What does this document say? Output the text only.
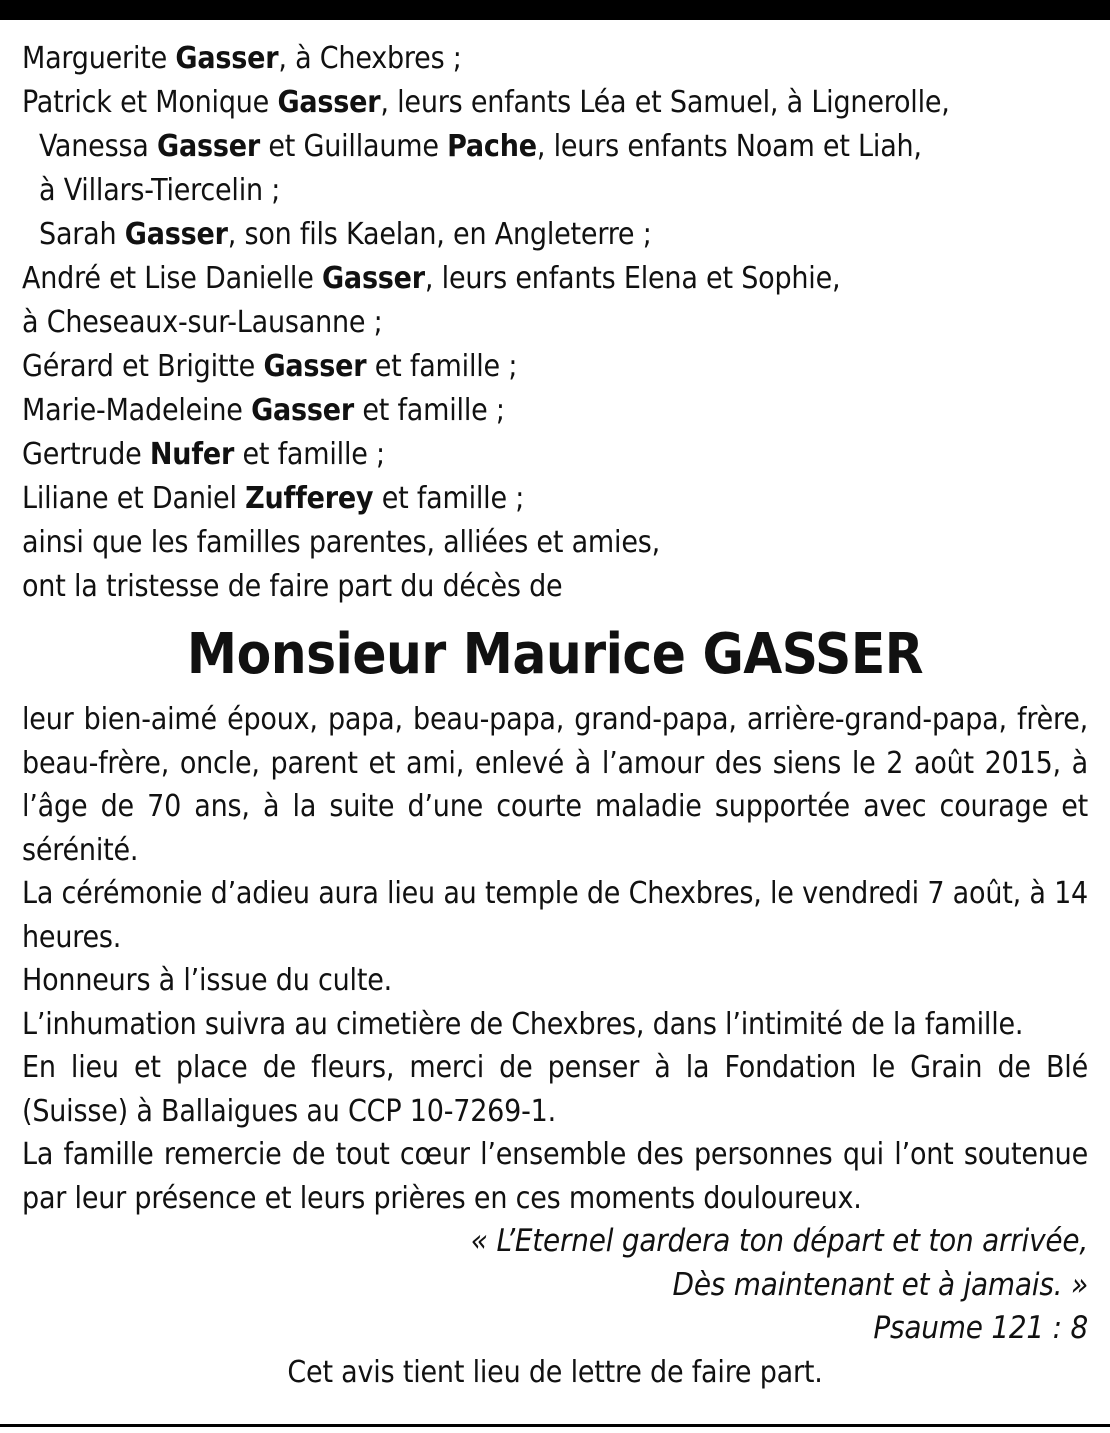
Marguerite Gasser, à Chexbres ;
Patrick et Monique Gasser, leurs enfants Léa et Samuel, à Lignerolle,
Vanessa Gasser et Guillaume Pache, leurs enfants Noam et Liah,
à Villars-Tiercelin ;
Sarah Gasser, son fils Kaelan, en Angleterre ;
André et Lise Danielle Gasser, leurs enfants Elena et Sophie,
à Cheseaux-sur-Lausanne ;
Gérard et Brigitte Gasser et famille ;
Marie-Madeleine Gasser et famille ;
Gertrude Nufer et famille ;
Liliane et Daniel Zufferey et famille ;
ainsi que les familles parentes, alliées et amies,
ont la tristesse de faire part du décès de
Monsieur Maurice GASSER
leur bien-aimé époux, papa, beau-papa, grand-papa, arrière-grand-papa, frère, beau-frère, oncle, parent et ami, enlevé à l’amour des siens le 2 août 2015, à l’âge de 70 ans, à la suite d’une courte maladie supportée avec courage et sérénité.
La cérémonie d’adieu aura lieu au temple de Chexbres, le vendredi 7 août, à 14 heures.
Honneurs à l’issue du culte.
L’inhumation suivra au cimetière de Chexbres, dans l’intimité de la famille.
En lieu et place de fleurs, merci de penser à la Fondation le Grain de Blé (Suisse) à Ballaigues au CCP 10-7269-1.
La famille remercie de tout cœur l’ensemble des personnes qui l’ont soutenue par leur présence et leurs prières en ces moments douloureux.
« L’Eternel gardera ton départ et ton arrivée,
Dès maintenant et à jamais. »
Psaume 121 : 8
Cet avis tient lieu de lettre de faire part.
